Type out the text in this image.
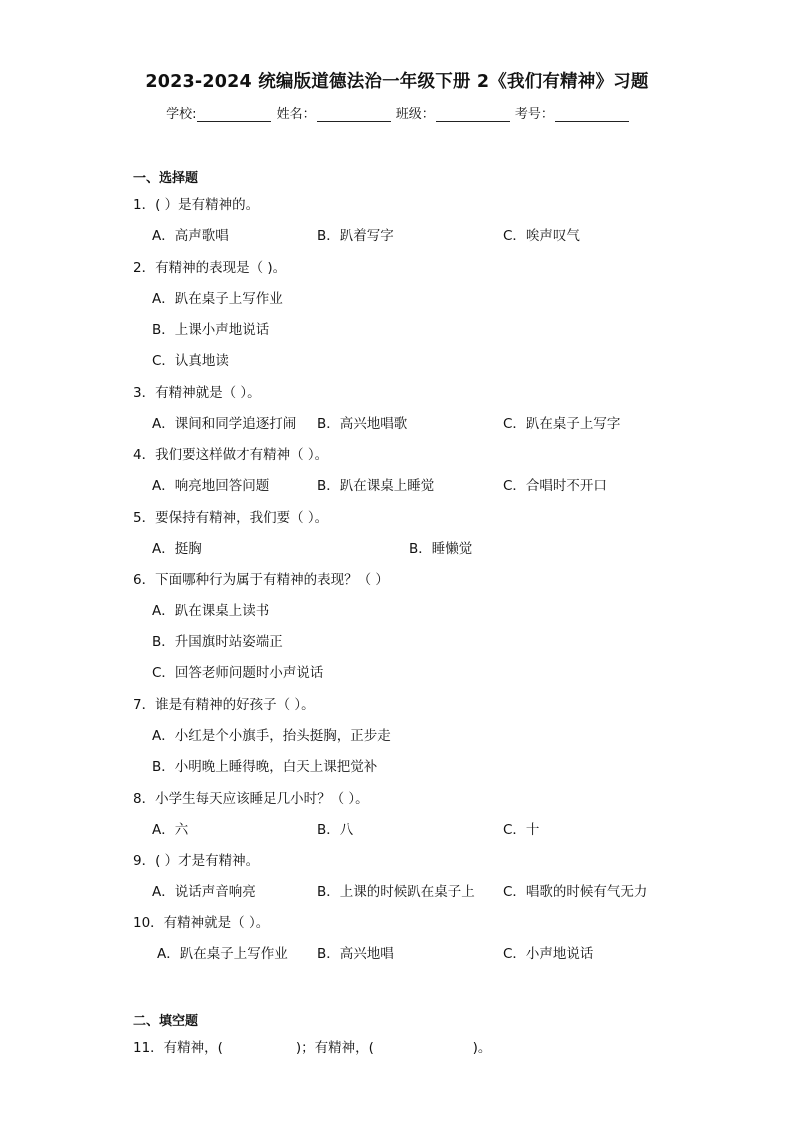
2023-2024 统编版道德法治一年级下册 2《我们有精神》习题
学校:	姓名：	班级：	考号：
一、选择题
1．( ）是有精神的。
A．高声歌唱	B．趴着写字	C．唉声叹气
2．有精神的表现是（ )。
A．趴在桌子上写作业
B．上课小声地说话
C．认真地读
3．有精神就是（ ）。
A．课间和同学追逐打闹 B．高兴地唱歌	C．趴在桌子上写字
4．我们要这样做才有精神（ ）。
A．响亮地回答问题	B．趴在课桌上睡觉	C．合唱时不开口
5．要保持有精神，我们要（ ）。
A．挺胸	B．睡懒觉
6．下面哪种行为属于有精神的表现？（ ）
A．趴在课桌上读书
B．升国旗时站姿端正
C．回答老师问题时小声说话
7．谁是有精神的好孩子（ ）。
A．小红是个小旗手，抬头挺胸，正步走
B．小明晚上睡得晚，白天上课把觉补
8．小学生每天应该睡足几小时？（ ）。
A．六	B．八	C．十
9．( ）才是有精神。
A．说话声音响亮	B．上课的时候趴在桌子上 C．唱歌的时候有气无力
10．有精神就是（ ）。
A．趴在桌子上写作业 B．高兴地唱	C．小声地说话
二、填空题
11．有精神，(                 )；有精神，(                       )。
